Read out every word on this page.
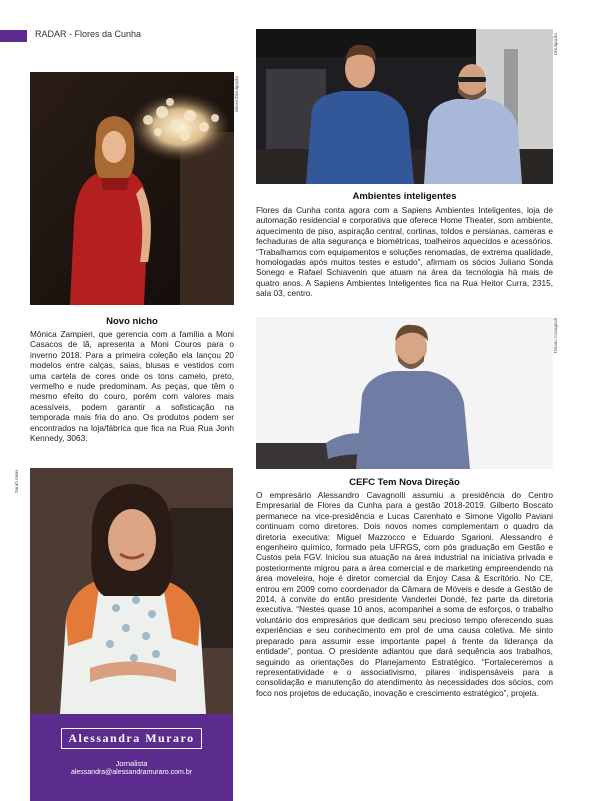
RADAR - Flores da Cunha
Eliseo/Divulgação
Novo nicho

Mônica Zampieri, que gerencia com a família a Moni Casacos de lã, apresenta a Moni Couros para o inverno 2018. Para a primeira coleção ela lançou 20 modelos entre calças, saias, blusas e vestidos com uma cartela de cores onde os tons camelo, preto, vermelho e nude predominam. As peças, que têm o mesmo efeito do couro, porém com valores mais acessíveis, podem garantir a sofisticação na temporada mais fria do ano. Os produtos podem ser encontrados na loja/fábrica que fica na Rua Rua Jonh Kennedy, 3063.

Divulgação
Ambientes inteligentes

Flores da Cunha conta agora com a Sapiens Ambientes Inteligentes, loja de automação residencial e corporativa que oferece Home Theater, som ambiente, aquecimento de piso, aspiração central, cortinas, toldos e persianas, cameras e fechaduras de alta segurança e biométricas, toalheiros aquecidos e acessórios. “Trabalhamos com equipamentos e soluções renomadas, de extrema qualidade, homologadas após muitos testes e estudo”, afirmam os sócios Juliano Sonda Sonego e Rafael Schiavenin que atuam na área da tecnologia há mais de quatro anos. A Sapiens Ambientes Inteligentes fica na Rua Heitor Curra, 2315, sala 03, centro.

Tiziano Cavagnoli
CEFC Tem Nova Direção

O empresário Alessandro Cavagnolli assumiu a presidência do Centro Empresarial de Flores da Cunha para a gestão 2018-2019. Gilberto Boscato permanece na vice-presidência e Lucas Carenhato e Simone Vigollo Paviani continuam como diretores. Dois novos nomes complementam o quadro da diretoria executiva: Miguel Mazzocco e Eduardo Sgarioni. Alessandro é engenheiro químico, formado pela UFRGS, com pós graduação em Gestão e Custos pela FGV. Iniciou sua atuação na área industrial na iniciativa privada e posteriormente migrou para a área comercial e de marketing empreendendo na área moveleira, hoje é diretor comercial da Enjoy Casa & Escritório. No CE, entrou em 2009 como coordenador da Câmara de Móveis e desde a Gestão de 2014, à convite do então presidente Vanderlei Dondé, fez parte da diretoria executiva. “Nestes quase 10 anos, acompanhei a soma de esforços, o trabalho voluntário dos empresários que dedicam seu precioso tempo oferecendo suas experiências e seu conhecimento em prol de uma causa coletiva. Me sinto preparado para assumir esse importante papel à frente da liderança da entidade”, pontua. O presidente adiantou que dará sequência aos trabalhos, seguindo as orientações do Planejamento Estratégico. “Fortaleceremos a representatividade e o associativismo, pilares indispensáveis para a consolidação e manutenção do atendimento às necessidades dos sócios, com foco nos projetos de educação, inovação e crescimento estratégico”, projeta.

Sarah Amin
Alessandra Muraro
Jornalista
alessandra@alessandramuraro.com.br
